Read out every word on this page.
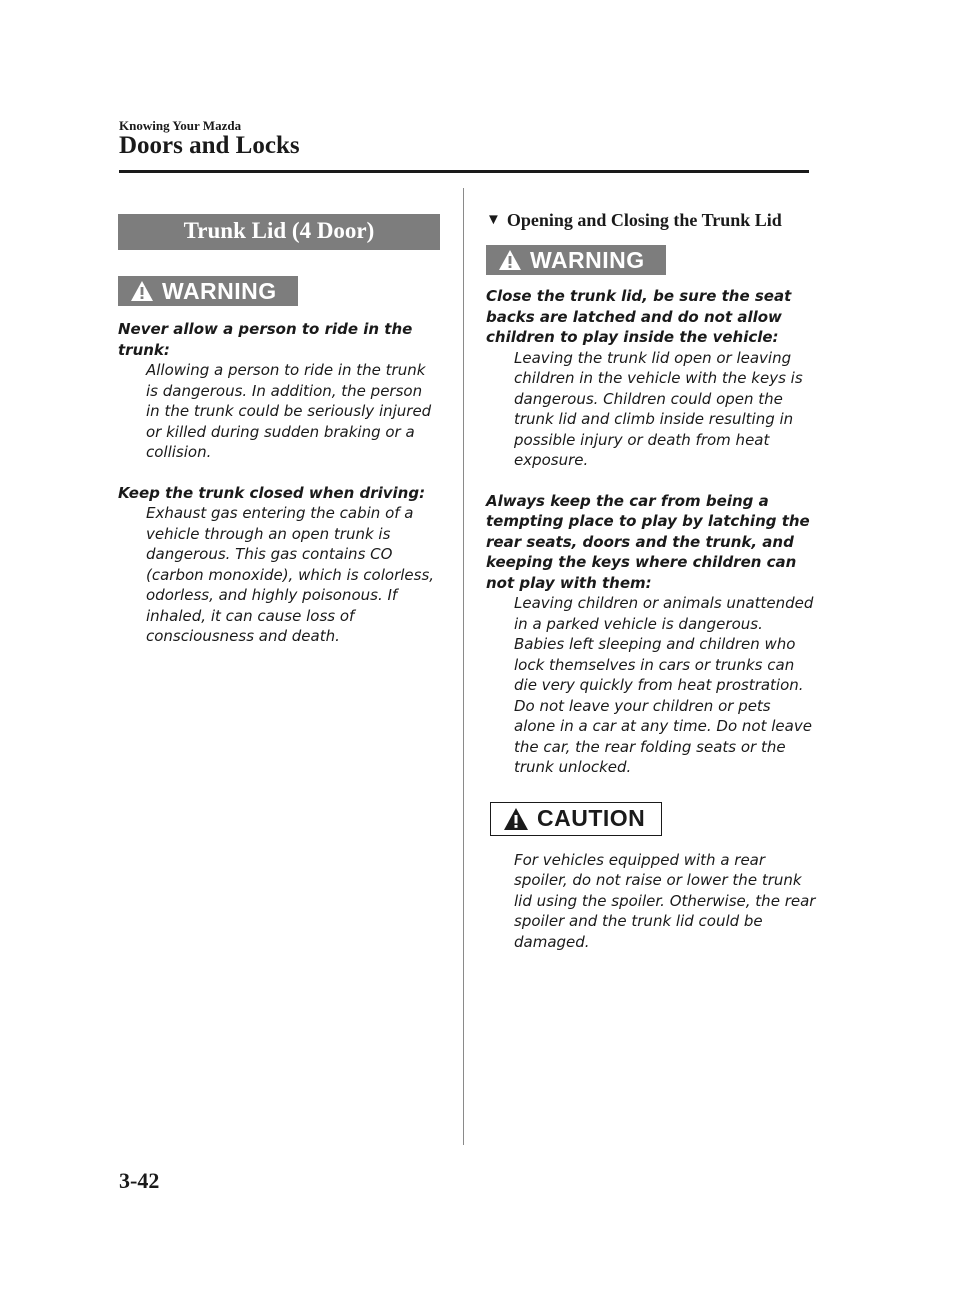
Knowing Your Mazda
Doors and Locks
Trunk Lid (4 Door)
WARNING

Never allow a person to ride in the trunk:

Allowing a person to ride in the trunk is dangerous. In addition, the person in the trunk could be seriously injured or killed during sudden braking or a collision.

Keep the trunk closed when driving:

Exhaust gas entering the cabin of a vehicle through an open trunk is dangerous. This gas contains CO (carbon monoxide), which is colorless, odorless, and highly poisonous. If inhaled, it can cause loss of consciousness and death.

▼ Opening and Closing the Trunk Lid
WARNING

Close the trunk lid, be sure the seat backs are latched and do not allow children to play inside the vehicle:

Leaving the trunk lid open or leaving children in the vehicle with the keys is dangerous. Children could open the trunk lid and climb inside resulting in possible injury or death from heat exposure.

Always keep the car from being a tempting place to play by latching the rear seats, doors and the trunk, and keeping the keys where children can not play with them:

Leaving children or animals unattended in a parked vehicle is dangerous. Babies left sleeping and children who lock themselves in cars or trunks can die very quickly from heat prostration. Do not leave your children or pets alone in a car at any time. Do not leave the car, the rear folding seats or the trunk unlocked.

CAUTION

For vehicles equipped with a rear spoiler, do not raise or lower the trunk lid using the spoiler. Otherwise, the rear spoiler and the trunk lid could be damaged.

3-42
